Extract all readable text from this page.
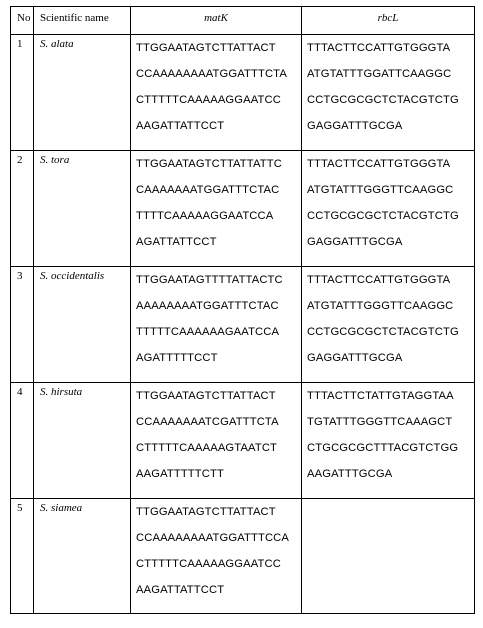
No	Scientific name	matK	rbcL
1	S. alata	TTGGAATAGTCTTATTACT
CCAAAAAAAATGGATTTCTA
CTTTTTCAAAAAGGAATCC
AAGATTATTCCT	TTTACTTCCATTGTGGGTA
ATGTATTTGGATTCAAGGC
CCTGCGCGCTCTACGTCTG
GAGGATTTGCGA

2	S. tora	TTGGAATAGTCTTATTATTC
CAAAAAAATGGATTTCTAC
TTTTCAAAAAGGAATCCA
AGATTATTCCT	TTTACTTCCATTGTGGGTA
ATGTATTTGGGTTCAAGGC
CCTGCGCGCTCTACGTCTG
GAGGATTTGCGA

3	S. occidentalis	TTGGAATAGTTTTATTACTC
AAAAAAAATGGATTTCTAC
TTTTTCAAAAAAGAATCCA
AGATTTTTCCT	TTTACTTCCATTGTGGGTA
ATGTATTTGGGTTCAAGGC
CCTGCGCGCTCTACGTCTG
GAGGATTTGCGA

4	S. hirsuta	TTGGAATAGTCTTATTACT
CCAAAAAAATCGATTTCTA
CTTTTTCAAAAAGTAATCT
AAGATTTTTCTT	TTTACTTCTATTGTAGGTAA
TGTATTTGGGTTCAAAGCT
CTGCGCGCTTTACGTCTGG
AAGATTTGCGA

5	S. siamea	TTGGAATAGTCTTATTACT
CCAAAAAAAATGGATTTCCA
CTTTTTCAAAAAGGAATCC
AAGATTATTCCT	
